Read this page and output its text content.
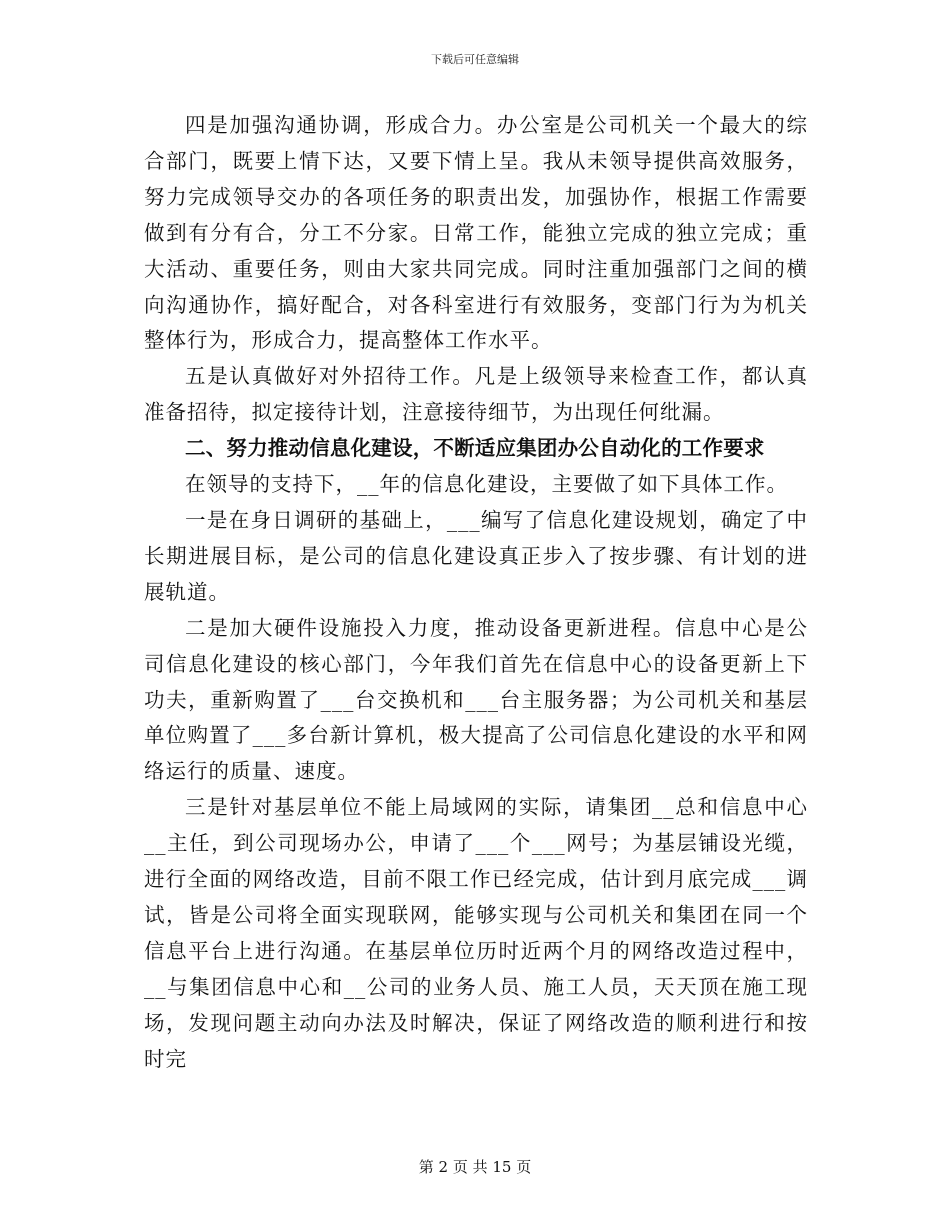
下载后可任意编辑

四是加强沟通协调，形成合力。办公室是公司机关一个最大的综合部门，既要上情下达，又要下情上呈。我从未领导提供高效服务，努力完成领导交办的各项任务的职责出发，加强协作，根据工作需要做到有分有合，分工不分家。日常工作，能独立完成的独立完成；重大活动、重要任务，则由大家共同完成。同时注重加强部门之间的横向沟通协作，搞好配合，对各科室进行有效服务，变部门行为为机关整体行为，形成合力，提高整体工作水平。

五是认真做好对外招待工作。凡是上级领导来检查工作，都认真准备招待，拟定接待计划，注意接待细节，为出现任何纰漏。

二、努力推动信息化建设，不断适应集团办公自动化的工作要求

在领导的支持下，__年的信息化建设，主要做了如下具体工作。

一是在身日调研的基础上，___编写了信息化建设规划，确定了中长期进展目标，是公司的信息化建设真正步入了按步骤、有计划的进展轨道。

二是加大硬件设施投入力度，推动设备更新进程。信息中心是公司信息化建设的核心部门，今年我们首先在信息中心的设备更新上下功夫，重新购置了___台交换机和___台主服务器；为公司机关和基层单位购置了___多台新计算机，极大提高了公司信息化建设的水平和网络运行的质量、速度。

三是针对基层单位不能上局域网的实际，请集团__总和信息中心__主任，到公司现场办公，申请了___个___网号；为基层铺设光缆，进行全面的网络改造，目前不限工作已经完成，估计到月底完成___调试，皆是公司将全面实现联网，能够实现与公司机关和集团在同一个信息平台上进行沟通。在基层单位历时近两个月的网络改造过程中，__与集团信息中心和__公司的业务人员、施工人员，天天顶在施工现场，发现问题主动向办法及时解决，保证了网络改造的顺利进行和按时完

第 2 页 共 15 页
